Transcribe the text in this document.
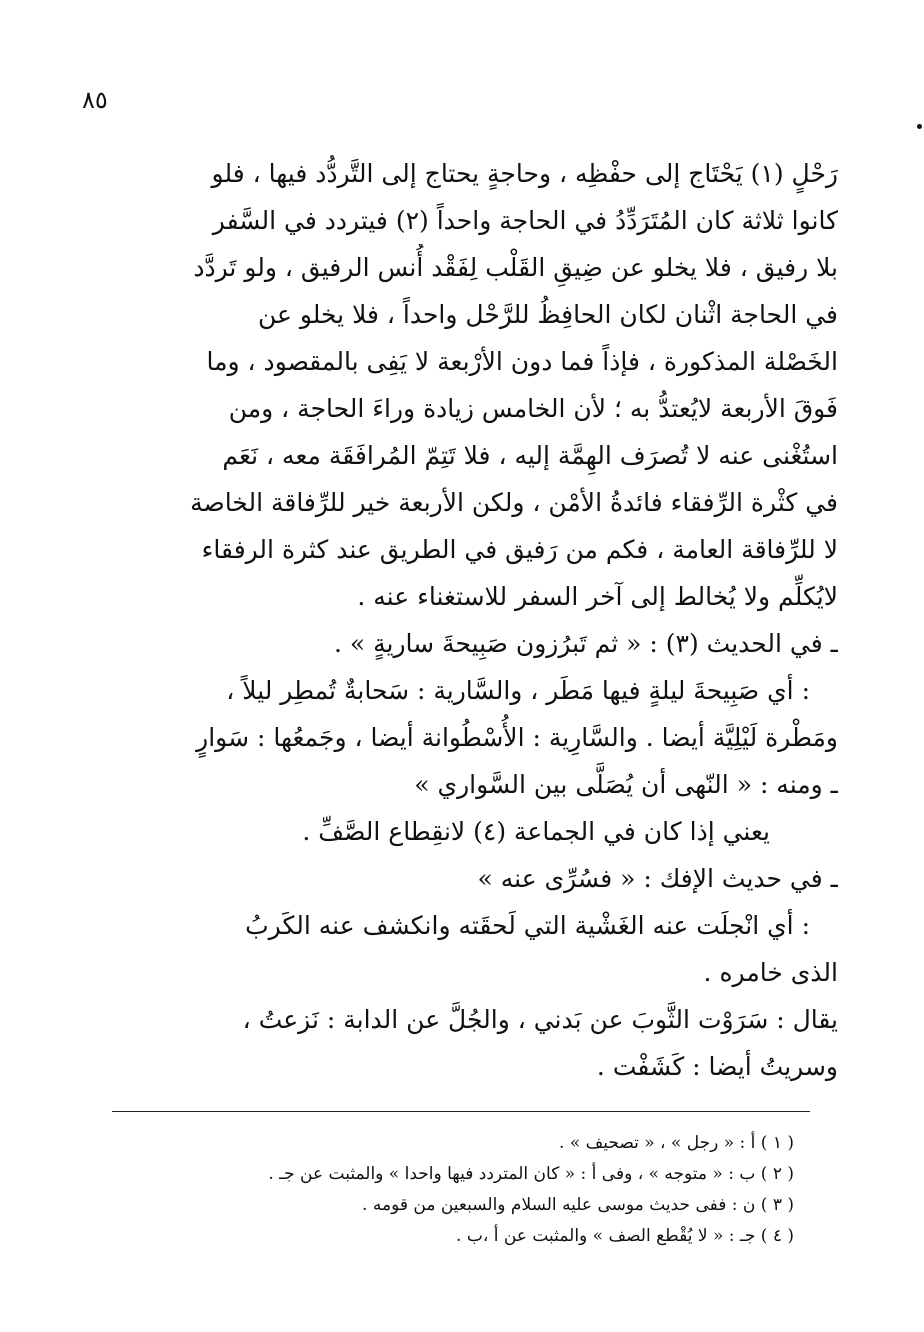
٨٥
رَحْلٍ (١) يَحْتَاج إلى حفْظِه ، وحاجةٍ يحتاج إلى التَّردُّد فيها ، فلو
كانوا ثلاثة كان المُتَرَدِّدُ في الحاجة واحداً (٢) فيتردد في السَّفر
بلا رفيق ، فلا يخلو عن ضِيقِ القَلْب لِفَقْد أُنس الرفيق ، ولو تَردَّد
في الحاجة اثْنان لكان الحافِظُ للرَّحْل واحداً ، فلا يخلو عن
الخَصْلة المذكورة ، فإذاً فما دون الأرْبعة لا يَفِى بالمقصود ، وما
فَوقَ الأربعة لايُعتدُّ به ؛ لأن الخامس زيادة وراءَ الحاجة ، ومن
استُغْنى عنه لا تُصرَف الهِمَّة إليه ، فلا تَتِمّ المُرافَقَة معه ، نَعَم
في كثْرة الرِّفقاء فائدةُ الأمْن ، ولكن الأربعة خير للرِّفاقة الخاصة
لا للرِّفاقة العامة ، فكم من رَفيق في الطريق عند كثرة الرفقاء
لايُكلِّم ولا يُخالط إلى آخر السفر للاستغناء عنه .
ـ في الحديث (٣) : « ثم تَبرُزون صَبِيحةَ ساريةٍ » .
: أي صَبِيحةَ ليلةٍ فيها مَطَر ، والسَّارية : سَحابةٌ تُمطِر ليلاً ،
ومَطْرة لَيْلِيَّة أيضا . والسَّارِية : الأُسْطُوانة أيضا ، وجَمعُها : سَوارٍ
ـ ومنه : « النّهى أن يُصَلَّى بين السَّواري »
يعني إذا كان في الجماعة (٤) لانقِطاع الصَّفِّ .
ـ في حديث الإفك : « فسُرِّى عنه »
: أي انْجلَت عنه الغَشْية التي لَحقَته وانكشف عنه الكَربُ
الذى خامره .
يقال : سَرَوْت الثَّوبَ عن بَدني ، والجُلَّ عن الدابة : نَزعتُ ،
وسريتُ أيضا : كَشَفْت .
( ١ ) أ : « رجل » ، « تصحيف » .
( ٢ ) ب : « متوجه » ، وفى أ : « كان المتردد فيها واحدا » والمثبت عن جـ .
( ٣ ) ن : ففى حديث موسى عليه السلام والسبعين من قومه .
( ٤ ) جـ : « لا يُقْطع الصف » والمثبت عن أ ،ب .
